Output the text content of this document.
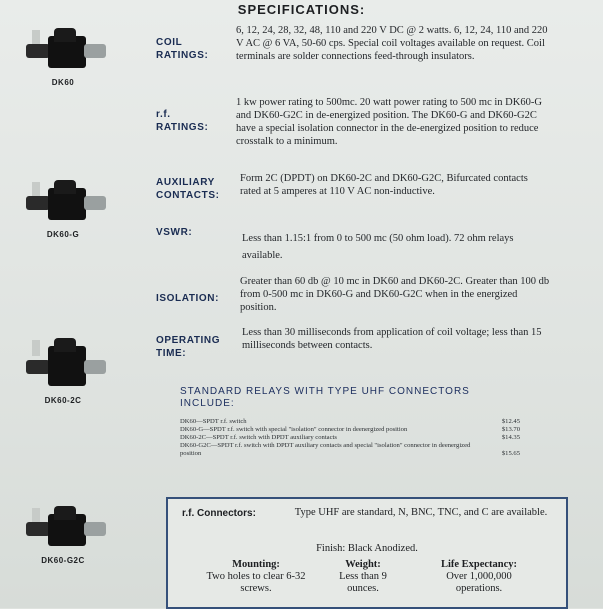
SPECIFICATIONS:
DK60
DK60-G
DK60-2C
DK60-G2C
COIL RATINGS:
6, 12, 24, 28, 32, 48, 110 and 220 V DC @ 2 watts. 6, 12, 24, 110 and 220 V AC @ 6 VA, 50-60 cps. Special coil voltages available on request. Coil terminals are solder connections feed-through insulators.
r.f. RATINGS:
1 kw power rating to 500mc. 20 watt power rating to 500 mc in DK60-G and DK60-G2C in de-energized position. The DK60-G and DK60-G2C have a special isolation connector in the de-energized position to reduce crosstalk to a minimum.
AUXILIARY CONTACTS:
Form 2C (DPDT) on DK60-2C and DK60-G2C, Bifurcated contacts rated at 5 amperes at 110 V AC non-inductive.
VSWR:
Less than 1.15:1 from 0 to 500 mc (50 ohm load). 72 ohm relays available.
ISOLATION:
Greater than 60 db @ 10 mc in DK60 and DK60-2C. Greater than 100 db from 0-500 mc in DK60-G and DK60-G2C when in the energized position.
OPERATING TIME:
Less than 30 milliseconds from application of coil voltage; less than 15 milliseconds between contacts.
STANDARD RELAYS WITH TYPE UHF CONNECTORS INCLUDE:
DK60—SPDT r.f. switch	$12.45
DK60-G—SPDT r.f. switch with special "isolation" connector in deenergized position	$13.70
DK60-2C—SPDT r.f. switch with DPDT auxiliary contacts	$14.35
DK60-G2C—SPDT r.f. switch with DPDT auxiliary contacts and special "isolation" connector in deenergized position	$15.65
r.f. Connectors:	Type UHF are standard, N, BNC, TNC, and C are available.
Finish: Black Anodized.
Mounting:
Two holes to clear 6-32 screws.
Weight:
Less than 9 ounces.
Life Expectancy:
Over 1,000,000 operations.
